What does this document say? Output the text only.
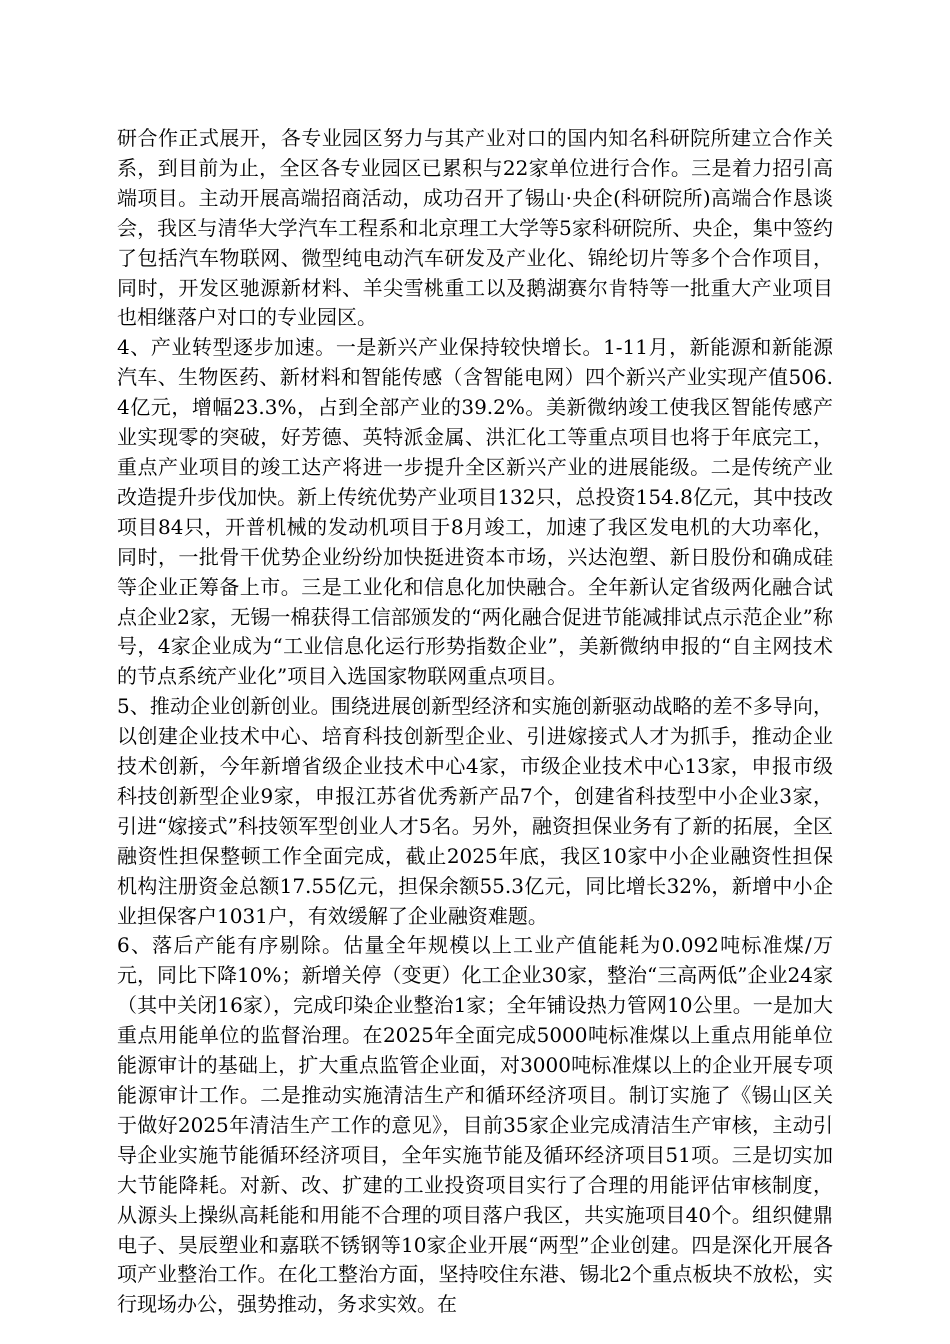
研合作正式展开，各专业园区努力与其产业对口的国内知名科研院所建立合作关系，到目前为止，全区各专业园区已累积与22家单位进行合作。三是着力招引高端项目。主动开展高端招商活动，成功召开了锡山·央企(科研院所)高端合作恳谈会，我区与清华大学汽车工程系和北京理工大学等5家科研院所、央企，集中签约了包括汽车物联网、微型纯电动汽车研发及产业化、锦纶切片等多个合作项目，同时，开发区驰源新材料、羊尖雪桃重工以及鹅湖赛尔肯特等一批重大产业项目也相继落户对口的专业园区。

4、产业转型逐步加速。一是新兴产业保持较快增长。1-11月，新能源和新能源汽车、生物医药、新材料和智能传感（含智能电网）四个新兴产业实现产值506.4亿元，增幅23.3%，占到全部产业的39.2%。美新微纳竣工使我区智能传感产业实现零的突破，好芳德、英特派金属、洪汇化工等重点项目也将于年底完工，重点产业项目的竣工达产将进一步提升全区新兴产业的进展能级。二是传统产业改造提升步伐加快。新上传统优势产业项目132只，总投资154.8亿元，其中技改项目84只，开普机械的发动机项目于8月竣工，加速了我区发电机的大功率化，同时，一批骨干优势企业纷纷加快挺进资本市场，兴达泡塑、新日股份和确成硅等企业正筹备上市。三是工业化和信息化加快融合。全年新认定省级两化融合试点企业2家，无锡一棉获得工信部颁发的“两化融合促进节能减排试点示范企业”称号，4家企业成为“工业信息化运行形势指数企业”，美新微纳申报的“自主网技术的节点系统产业化”项目入选国家物联网重点项目。

5、推动企业创新创业。围绕进展创新型经济和实施创新驱动战略的差不多导向，以创建企业技术中心、培育科技创新型企业、引进嫁接式人才为抓手，推动企业技术创新，今年新增省级企业技术中心4家，市级企业技术中心13家，申报市级科技创新型企业9家，申报江苏省优秀新产品7个，创建省科技型中小企业3家，引进“嫁接式”科技领军型创业人才5名。另外，融资担保业务有了新的拓展，全区融资性担保整顿工作全面完成，截止2025年底，我区10家中小企业融资性担保机构注册资金总额17.55亿元，担保余额55.3亿元，同比增长32%，新增中小企业担保客户1031户，有效缓解了企业融资难题。

6、落后产能有序剔除。估量全年规模以上工业产值能耗为0.092吨标准煤/万元，同比下降10%；新增关停（变更）化工企业30家，整治“三高两低”企业24家（其中关闭16家），完成印染企业整治1家；全年铺设热力管网10公里。一是加大重点用能单位的监督治理。在2025年全面完成5000吨标准煤以上重点用能单位能源审计的基础上，扩大重点监管企业面，对3000吨标准煤以上的企业开展专项能源审计工作。二是推动实施清洁生产和循环经济项目。制订实施了《锡山区关于做好2025年清洁生产工作的意见》，目前35家企业完成清洁生产审核，主动引导企业实施节能循环经济项目，全年实施节能及循环经济项目51项。三是切实加大节能降耗。对新、改、扩建的工业投资项目实行了合理的用能评估审核制度，从源头上操纵高耗能和用能不合理的项目落户我区，共实施项目40个。组织健鼎电子、昊辰塑业和嘉联不锈钢等10家企业开展“两型”企业创建。四是深化开展各项产业整治工作。在化工整治方面，坚持咬住东港、锡北2个重点板块不放松，实行现场办公，强势推动，务求实效。在
